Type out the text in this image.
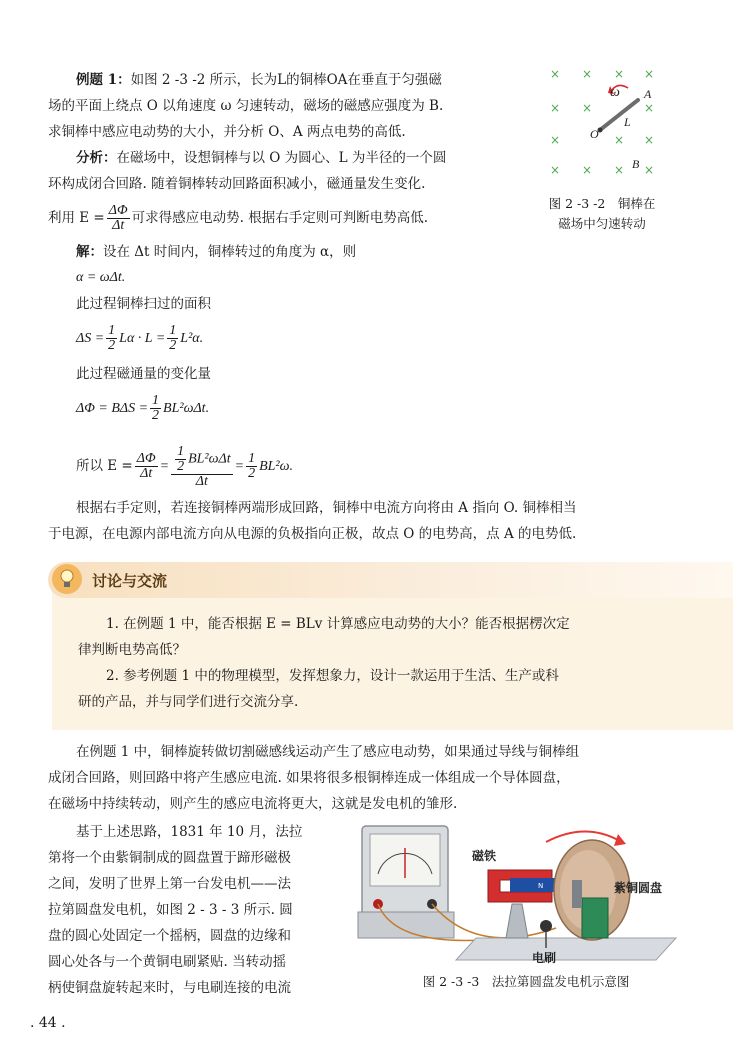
例题 1：如图 2 -3 -2 所示，长为L的铜棒OA在垂直于匀强磁
场的平面上绕点 O 以角速度 ω 匀速转动，磁场的磁感应强度为 B.
求铜棒中感应电动势的大小，并分析 O、A 两点电势的高低.
分析：在磁场中，设想铜棒与以 O 为圆心、L 为半径的一个圆
环构成闭合回路. 随着铜棒转动回路面积减小，磁通量发生变化.
利用 $E = \frac{\Delta\Phi}{\Delta t}$ 可求得感应电动势. 根据右手定则可判断电势高低.
× × × ×
× ×	×
×	× ×
× × × ×
ω A
L
O
B
图 2 -3 -2　铜棒在
磁场中匀速转动
解：设在 Δt 时间内，铜棒转过的角度为 α，则
α = ωΔt.
此过程铜棒扫过的面积
$\Delta S = \frac{1}{2}$ $L\alpha \cdot L = \frac{1}{2} L^2\alpha$.
此过程磁通量的变化量
$\Delta\Phi = B\Delta S = \frac{1}{2} BL^2\omega\Delta t$.
所以 $E = \frac{\Delta\Phi}{\Delta t} = \frac{\frac{1}{2} BL^2\omega\Delta t}{\Delta t} = \frac{1}{2} BL^2\omega$.
根据右手定则，若连接铜棒两端形成回路，铜棒中电流方向将由 A 指向 O. 铜棒相当
于电源，在电源内部电流方向从电源的负极指向正极，故点 O 的电势高，点 A 的电势低.
讨论与交流
1. 在例题 1 中，能否根据 E = BLv 计算感应电动势的大小？能否根据楞次定
律判断电势高低？
2. 参考例题 1 中的物理模型，发挥想象力，设计一款运用于生活、生产或科
研的产品，并与同学们进行交流分享.
在例题 1 中，铜棒旋转做切割磁感线运动产生了感应电动势，如果通过导线与铜棒组
成闭合回路，则回路中将产生感应电流. 如果将很多根铜棒连成一体组成一个导体圆盘，
在磁场中持续转动，则产生的感应电流将更大，这就是发电机的雏形.
基于上述思路，1831 年 10 月，法拉
第将一个由紫铜制成的圆盘置于蹄形磁极
之间，发明了世界上第一台发电机——法
拉第圆盘发电机，如图 2 - 3 - 3 所示. 圆
盘的圆心处固定一个摇柄，圆盘的边缘和
圆心处各与一个黄铜电刷紧贴. 当转动摇
柄使铜盘旋转起来时，与电刷连接的电流
N
磁铁
紫铜圆盘
电刷
图 2 -3 -3　法拉第圆盘发电机示意图
. 44 .
